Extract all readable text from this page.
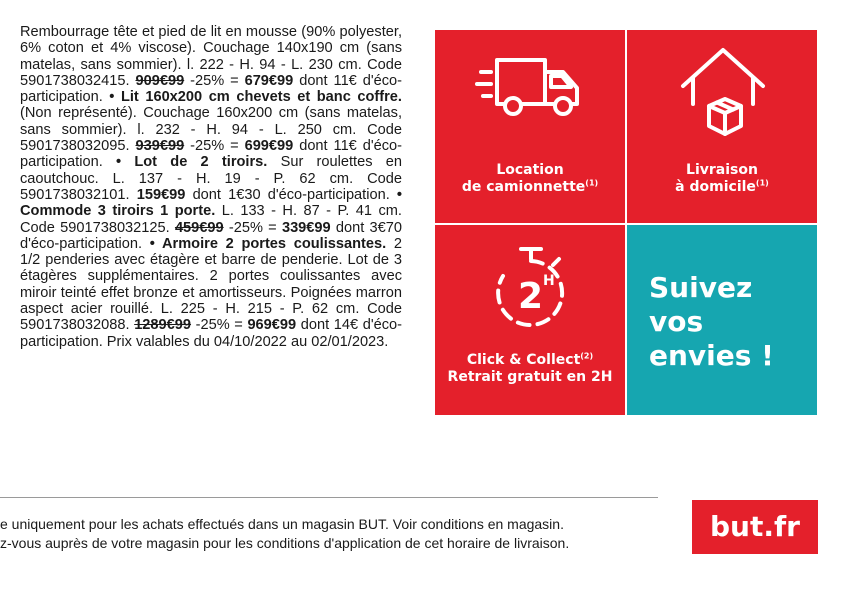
Rembourrage tête et pied de lit en mousse (90% polyester, 6% coton et 4% viscose). Couchage 140x190 cm (sans matelas, sans sommier). l. 222 - H. 94 - L. 230 cm. Code 5901738032415. 909€99 -25% = 679€99 dont 11€ d'éco-participation. • Lit 160x200 cm chevets et banc coffre. (Non représenté). Couchage 160x200 cm (sans matelas, sans sommier). l. 232 - H. 94 - L. 250 cm. Code 5901738032095. 939€99 -25% = 699€99 dont 11€ d'éco-participation. • Lot de 2 tiroirs. Sur roulettes en caoutchouc. L. 137 - H. 19 - P. 62 cm. Code 5901738032101. 159€99 dont 1€30 d'éco-participation. • Commode 3 tiroirs 1 porte. L. 133 - H. 87 - P. 41 cm. Code 5901738032125. 459€99 -25% = 339€99 dont 3€70 d'éco-participation. • Armoire 2 portes coulissantes. 2 1/2 penderies avec étagère et barre de penderie. Lot de 3 étagères supplémentaires. 2 portes coulissantes avec miroir teinté effet bronze et amortisseurs. Poignées marron aspect acier rouillé. L. 225 - H. 215 - P. 62 cm. Code 5901738032088. 1289€99 -25% = 969€99 dont 14€ d'éco-participation. Prix valables du 04/10/2022 au 02/01/2023.

Location
de camionnette$^{(1)}$
Livraison
à domicile$^{(1)}$
2 H
Click & Collect$^{(2)}$
Retrait gratuit en 2H
Suivez
vos
envies !
e uniquement pour les achats effectués dans un magasin BUT. Voir conditions en magasin.
z-vous auprès de votre magasin pour les conditions d'application de cet horaire de livraison.	but.fr
